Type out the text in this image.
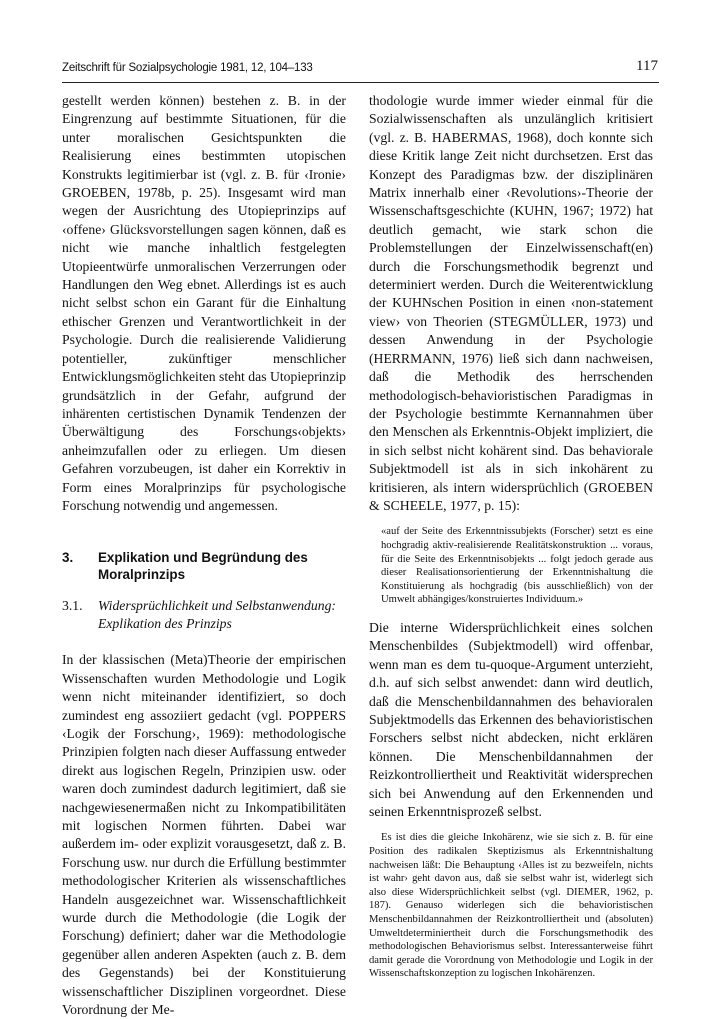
Zeitschrift für Sozialpsychologie 1981, 12, 104–133	117

gestellt werden können) bestehen z. B. in der Eingrenzung auf bestimmte Situationen, für die unter moralischen Gesichtspunkten die Realisierung eines bestimmten utopischen Konstrukts legitimierbar ist (vgl. z. B. für ‹Ironie› GROEBEN, 1978b, p. 25). Insgesamt wird man wegen der Ausrichtung des Utopieprinzips auf ‹offene› Glücksvorstellungen sagen können, daß es nicht wie manche inhaltlich festgelegten Utopieentwürfe unmoralischen Verzerrungen oder Handlungen den Weg ebnet. Allerdings ist es auch nicht selbst schon ein Garant für die Einhaltung ethischer Grenzen und Verantwortlichkeit in der Psychologie. Durch die realisierende Validierung potentieller, zukünftiger menschlicher Entwicklungsmöglichkeiten steht das Utopieprinzip grundsätzlich in der Gefahr, aufgrund der inhärenten certistischen Dynamik Tendenzen der Überwältigung des Forschungs‹objekts› anheimzufallen oder zu erliegen. Um diesen Gefahren vorzubeugen, ist daher ein Korrektiv in Form eines Moralprinzips für psychologische Forschung notwendig und angemessen.

3.	Explikation und Begründung des Moralprinzips
3.1.	Widersprüchlichkeit und Selbstanwendung: Explikation des Prinzips

In der klassischen (Meta)Theorie der empirischen Wissenschaften wurden Methodologie und Logik wenn nicht miteinander identifiziert, so doch zumindest eng assoziiert gedacht (vgl. POPPERS ‹Logik der Forschung›, 1969): methodologische Prinzipien folgten nach dieser Auffassung entweder direkt aus logischen Regeln, Prinzipien usw. oder waren doch zumindest dadurch legitimiert, daß sie nachgewiesenermaßen nicht zu Inkompatibilitäten mit logischen Normen führten. Dabei war außerdem im- oder explizit vorausgesetzt, daß z. B. Forschung usw. nur durch die Erfüllung bestimmter methodologischer Kriterien als wissenschaftliches Handeln ausgezeichnet war. Wissenschaftlichkeit wurde durch die Methodologie (die Logik der Forschung) definiert; daher war die Methodologie gegenüber allen anderen Aspekten (auch z. B. dem des Gegenstands) bei der Konstituierung wissenschaftlicher Disziplinen vorgeordnet. Diese Vorordnung der Me-

thodologie wurde immer wieder einmal für die Sozialwissenschaften als unzulänglich kritisiert (vgl. z. B. HABERMAS, 1968), doch konnte sich diese Kritik lange Zeit nicht durchsetzen. Erst das Konzept des Paradigmas bzw. der disziplinären Matrix innerhalb einer ‹Revolutions›-Theorie der Wissenschaftsgeschichte (KUHN, 1967; 1972) hat deutlich gemacht, wie stark schon die Problemstellungen der Einzelwissenschaft(en) durch die Forschungsmethodik begrenzt und determiniert werden. Durch die Weiterentwicklung der KUHNschen Position in einen ‹non-statement view› von Theorien (STEGMÜLLER, 1973) und dessen Anwendung in der Psychologie (HERRMANN, 1976) ließ sich dann nachweisen, daß die Methodik des herrschenden methodologisch-behavioristischen Paradigmas in der Psychologie bestimmte Kernannahmen über den Menschen als Erkenntnis-Objekt impliziert, die in sich selbst nicht kohärent sind. Das behaviorale Subjektmodell ist als in sich inkohärent zu kritisieren, als intern widersprüchlich (GROEBEN & SCHEELE, 1977, p. 15):

«auf der Seite des Erkenntnissubjekts (Forscher) setzt es eine hochgradig aktiv-realisierende Realitätskonstruktion ... voraus, für die Seite des Erkenntnisobjekts ... folgt jedoch gerade aus dieser Realisationsorientierung der Erkenntnishaltung die Konstituierung als hochgradig (bis ausschließlich) von der Umwelt abhängiges/konstruiertes Individuum.»

Die interne Widersprüchlichkeit eines solchen Menschenbildes (Subjektmodell) wird offenbar, wenn man es dem tu-quoque-Argument unterzieht, d.h. auf sich selbst anwendet: dann wird deutlich, daß die Menschenbildannahmen des behavioralen Subjektmodells das Erkennen des behavioristischen Forschers selbst nicht abdecken, nicht erklären können. Die Menschenbildannahmen der Reizkontrolliertheit und Reaktivität widersprechen sich bei Anwendung auf den Erkennenden und seinen Erkenntnisprozeß selbst.

Es ist dies die gleiche Inkohärenz, wie sie sich z. B. für eine Position des radikalen Skeptizismus als Erkenntnishaltung nachweisen läßt: Die Behauptung ‹Alles ist zu bezweifeln, nichts ist wahr› geht davon aus, daß sie selbst wahr ist, widerlegt sich also diese Widersprüchlichkeit selbst (vgl. DIEMER, 1962, p. 187). Genauso widerlegen sich die behavioristischen Menschenbildannahmen der Reizkontrolliertheit und (absoluten) Umweltdeterminiertheit durch die Forschungsmethodik des methodologischen Behaviorismus selbst. Interessanterweise führt damit gerade die Vorordnung von Methodologie und Logik in der Wissenschaftskonzeption zu logischen Inkohärenzen.
